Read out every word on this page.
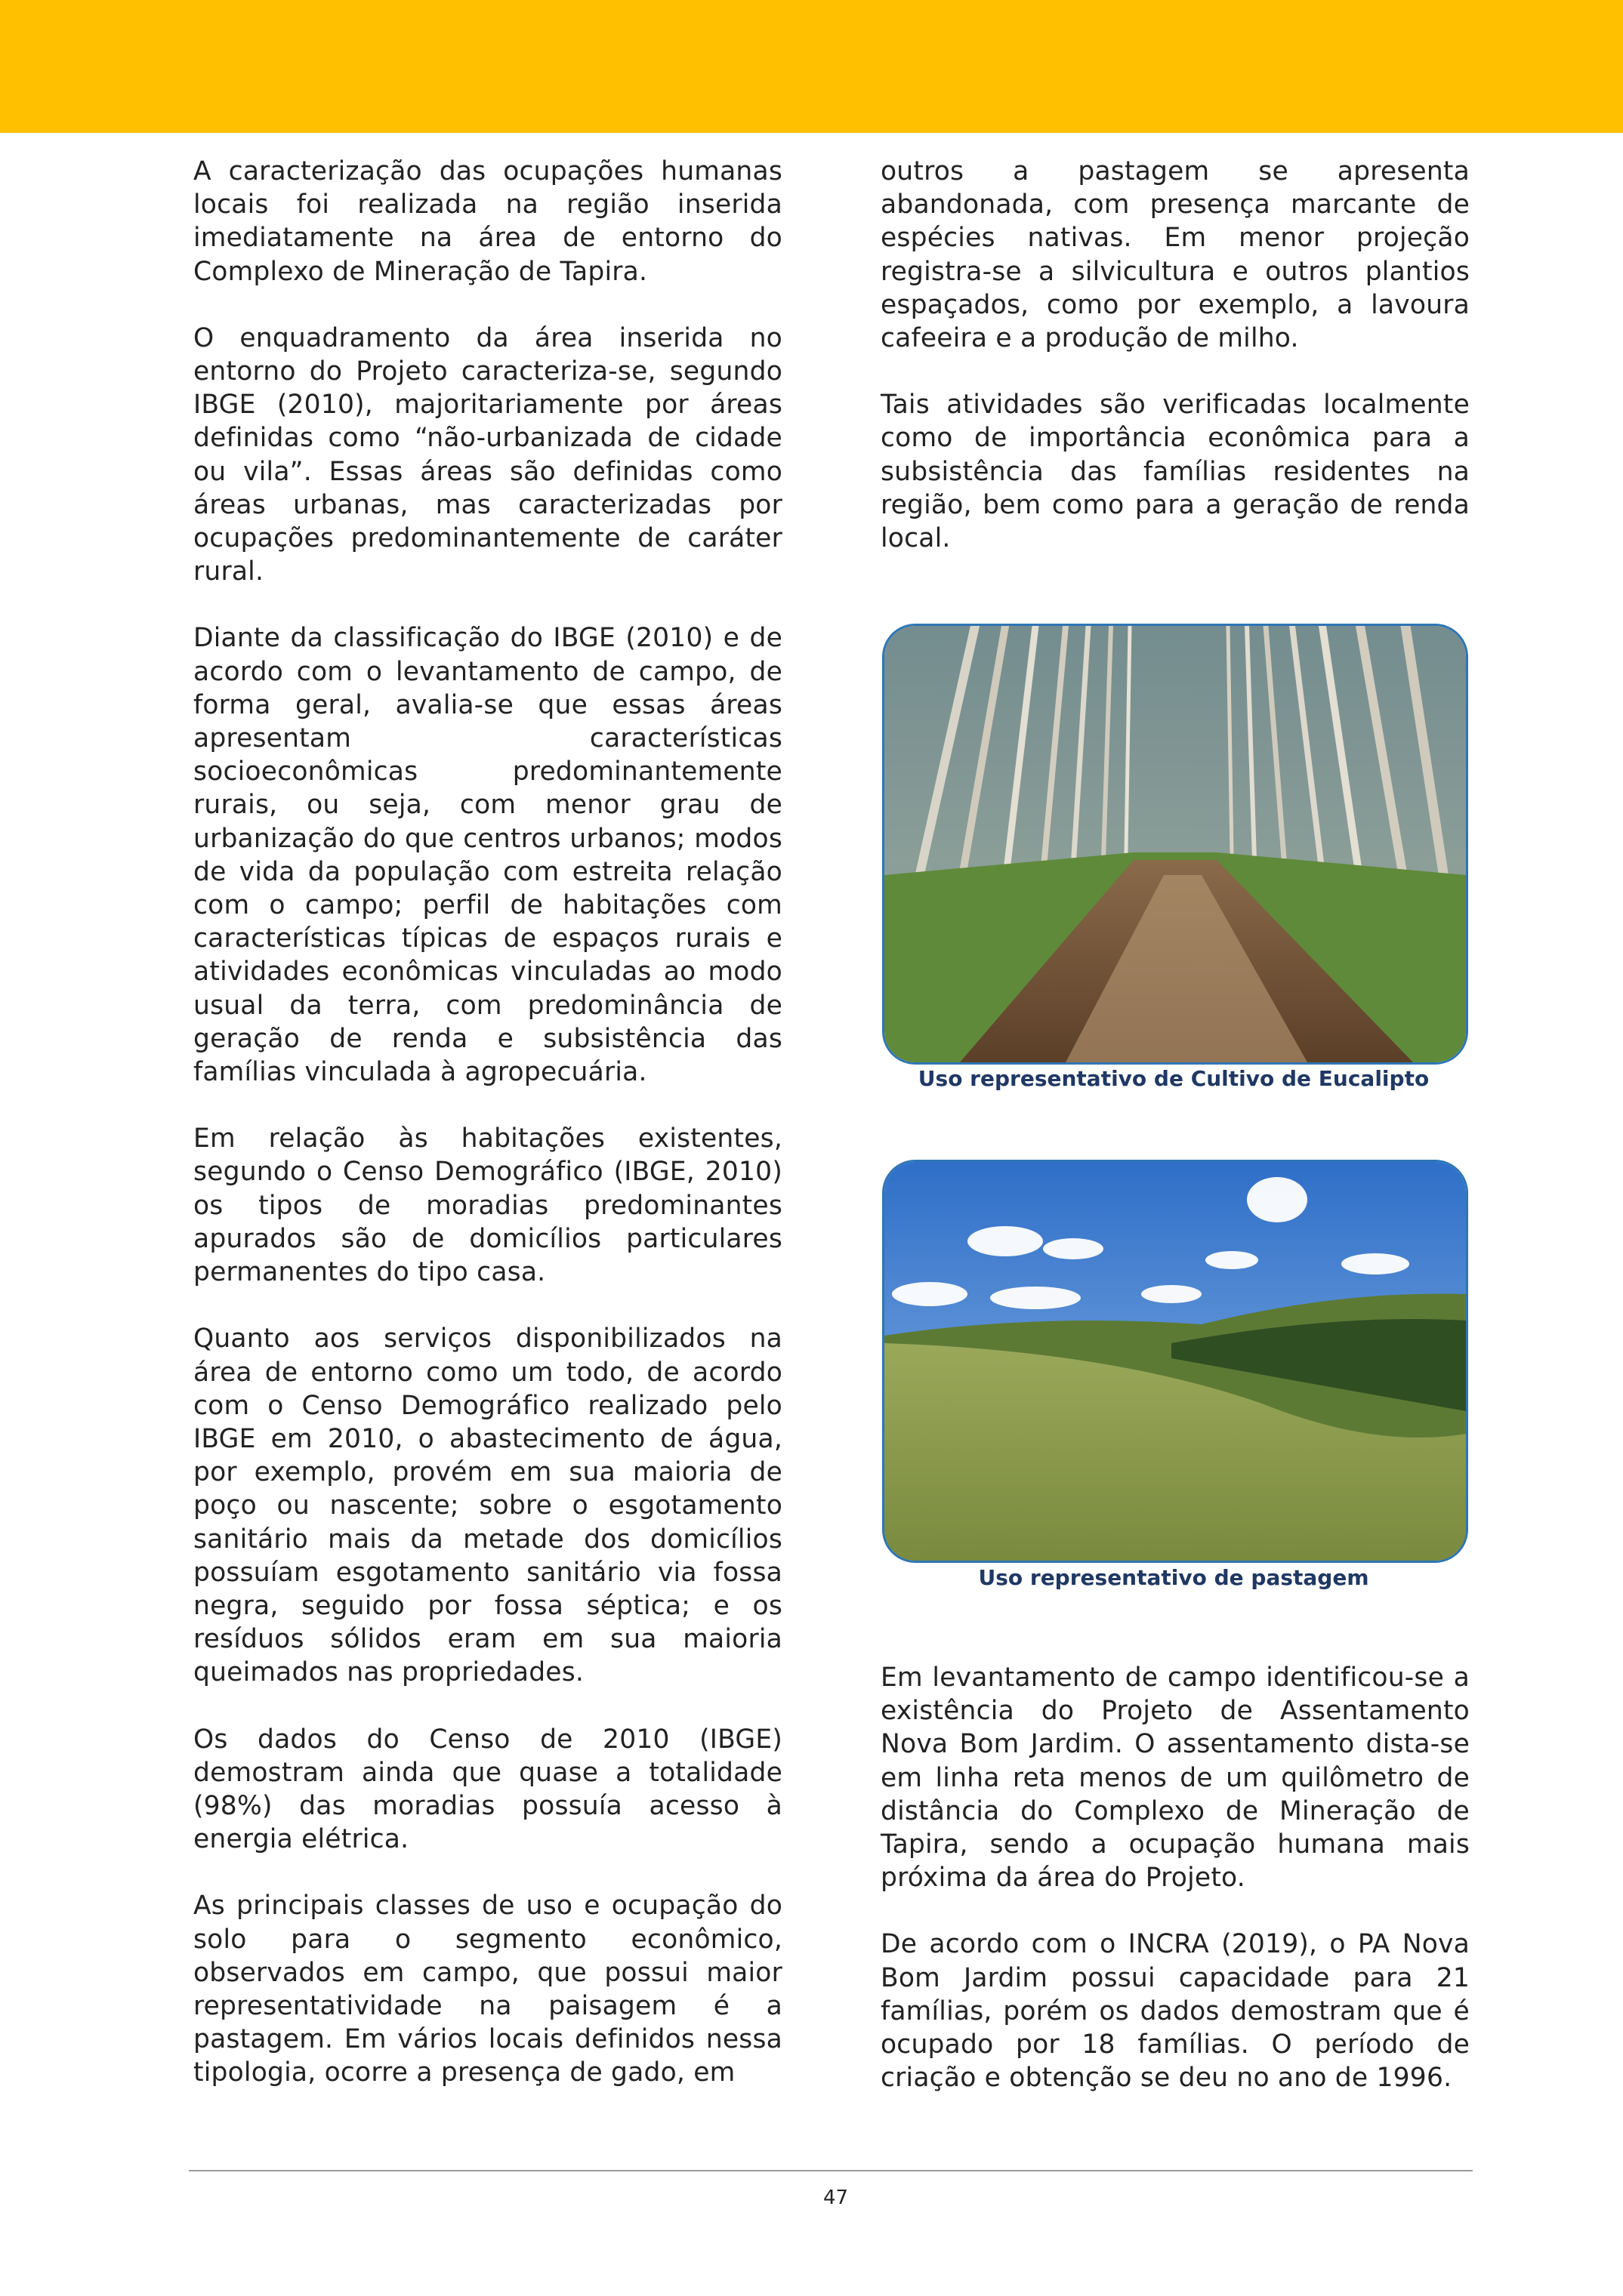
A caracterização das ocupações humanas locais foi realizada na região inserida imediatamente na área de entorno do Complexo de Mineração de Tapira.

O enquadramento da área inserida no entorno do Projeto caracteriza-se, segundo IBGE (2010), majoritariamente por áreas definidas como “não-urbanizada de cidade ou vila”. Essas áreas são definidas como áreas urbanas, mas caracterizadas por ocupações predominantemente de caráter rural.

Diante da classificação do IBGE (2010) e de acordo com o levantamento de campo, de forma geral, avalia-se que essas áreas apresentam características socioeconômicas predominantemente rurais, ou seja, com menor grau de urbanização do que centros urbanos; modos de vida da população com estreita relação com o campo; perfil de habitações com características típicas de espaços rurais e atividades econômicas vinculadas ao modo usual da terra, com predominância de geração de renda e subsistência das famílias vinculada à agropecuária.

Em relação às habitações existentes, segundo o Censo Demográfico (IBGE, 2010) os tipos de moradias predominantes apurados são de domicílios particulares permanentes do tipo casa.

Quanto aos serviços disponibilizados na área de entorno como um todo, de acordo com o Censo Demográfico realizado pelo IBGE em 2010, o abastecimento de água, por exemplo, provém em sua maioria de poço ou nascente; sobre o esgotamento sanitário mais da metade dos domicílios possuíam esgotamento sanitário via fossa negra, seguido por fossa séptica; e os resíduos sólidos eram em sua maioria queimados nas propriedades.

Os dados do Censo de 2010 (IBGE) demostram ainda que quase a totalidade (98%) das moradias possuía acesso à energia elétrica.

As principais classes de uso e ocupação do solo para o segmento econômico, observados em campo, que possui maior representatividade na paisagem é a pastagem. Em vários locais definidos nessa tipologia, ocorre a presença de gado, em

outros a pastagem se apresenta abandonada, com presença marcante de espécies nativas. Em menor projeção registra-se a silvicultura e outros plantios espaçados, como por exemplo, a lavoura cafeeira e a produção de milho.

Tais atividades são verificadas localmente como de importância econômica para a subsistência das famílias residentes na região, bem como para a geração de renda local.

Uso representativo de Cultivo de Eucalipto
Uso representativo de pastagem

Em levantamento de campo identificou-se a existência do Projeto de Assentamento Nova Bom Jardim. O assentamento dista-se em linha reta menos de um quilômetro de distância do Complexo de Mineração de Tapira, sendo a ocupação humana mais próxima da área do Projeto.

De acordo com o INCRA (2019), o PA Nova Bom Jardim possui capacidade para 21 famílias, porém os dados demostram que é ocupado por 18 famílias. O período de criação e obtenção se deu no ano de 1996.

47
